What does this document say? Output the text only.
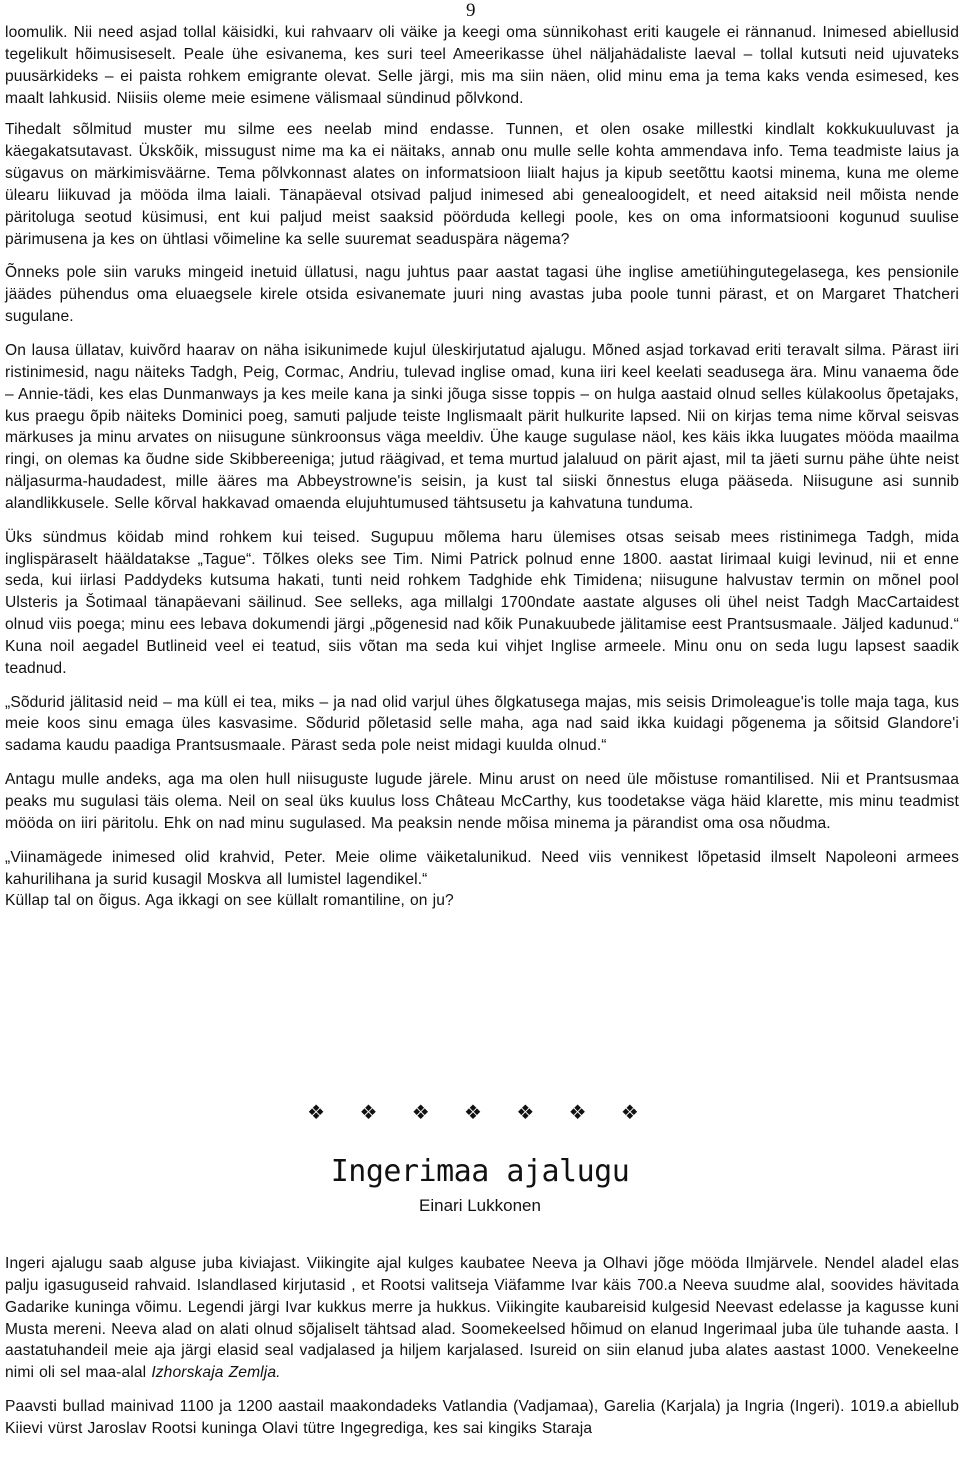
9

loomulik. Nii need asjad tollal käisidki, kui rahvaarv oli väike ja keegi oma sünnikohast eriti kaugele ei rännanud. Inimesed abiellusid tegelikult hõimusiseselt. Peale ühe esivanema, kes suri teel Ameerikasse ühel näljahädaliste laeval – tollal kutsuti neid ujuvateks puusärkideks – ei paista rohkem emigrante olevat. Selle järgi, mis ma siin näen, olid minu ema ja tema kaks venda esimesed, kes maalt lahkusid. Niisiis oleme meie esimene välismaal sündinud põlvkond.

Tihedalt sõlmitud muster mu silme ees neelab mind endasse. Tunnen, et olen osake millestki kindlalt kokkukuuluvast ja käegakatsutavast. Ükskõik, missugust nime ma ka ei näitaks, annab onu mulle selle kohta ammendava info. Tema teadmiste laius ja sügavus on märkimisväärne. Tema põlvkonnast alates on informatsioon liialt hajus ja kipub seetõttu kaotsi minema, kuna me oleme ülearu liikuvad ja mööda ilma laiali. Tänapäeval otsivad paljud inimesed abi genealoogidelt, et need aitaksid neil mõista nende päritoluga seotud küsimusi, ent kui paljud meist saaksid pöörduda kellegi poole, kes on oma informatsiooni kogunud suulise pärimusena ja kes on ühtlasi võimeline ka selle suuremat seaduspära nägema?

Õnneks pole siin varuks mingeid inetuid üllatusi, nagu juhtus paar aastat tagasi ühe inglise ametiühingutegelasega, kes pensionile jäädes pühendus oma eluaegsele kirele otsida esivanemate juuri ning avastas juba poole tunni pärast, et on Margaret Thatcheri sugulane.

On lausa üllatav, kuivõrd haarav on näha isikunimede kujul üleskirjutatud ajalugu. Mõned asjad torkavad eriti teravalt silma. Pärast iiri ristinimesid, nagu näiteks Tadgh, Peig, Cormac, Andriu, tulevad inglise omad, kuna iiri keel keelati seadusega ära. Minu vanaema õde – Annie-tädi, kes elas Dunmanways ja kes meile kana ja sinki jõuga sisse toppis – on hulga aastaid olnud selles külakoolus õpetajaks, kus praegu õpib näiteks Dominici poeg, samuti paljude teiste Inglismaalt pärit hulkurite lapsed. Nii on kirjas tema nime kõrval seisvas märkuses ja minu arvates on niisugune sünkroonsus väga meeldiv. Ühe kauge sugulase näol, kes käis ikka luugates mööda maailma ringi, on olemas ka õudne side Skibbereeniga; jutud räägivad, et tema murtud jalaluud on pärit ajast, mil ta jäeti surnu pähe ühte neist näljasurma-haudadest, mille ääres ma Abbeystrowne'is seisin, ja kust tal siiski õnnestus eluga pääseda. Niisugune asi sunnib alandlikkusele. Selle kõrval hakkavad omaenda elujuhtumused tähtsusetu ja kahvatuna tunduma.

Üks sündmus köidab mind rohkem kui teised. Sugupuu mõlema haru ülemises otsas seisab mees ristinimega Tadgh, mida inglispäraselt hääldatakse „Tague“. Tõlkes oleks see Tim. Nimi Patrick polnud enne 1800. aastat Iirimaal kuigi levinud, nii et enne seda, kui iirlasi Paddydeks kutsuma hakati, tunti neid rohkem Tadghide ehk Timidena; niisugune halvustav termin on mõnel pool Ulsteris ja Šotimaal tänapäevani säilinud. See selleks, aga millalgi 1700ndate aastate alguses oli ühel neist Tadgh MacCartaidest olnud viis poega; minu ees lebava dokumendi järgi „põgenesid nad kõik Punakuubede jälitamise eest Prantsusmaale. Jäljed kadunud.“ Kuna noil aegadel Butlineid veel ei teatud, siis võtan ma seda kui vihjet Inglise armeele. Minu onu on seda lugu lapsest saadik teadnud.

„Sõdurid jälitasid neid – ma küll ei tea, miks – ja nad olid varjul ühes õlgkatusega majas, mis seisis Drimoleague'is tolle maja taga, kus meie koos sinu emaga üles kasvasime. Sõdurid põletasid selle maha, aga nad said ikka kuidagi põgenema ja sõitsid Glandore'i sadama kaudu paadiga Prantsusmaale. Pärast seda pole neist midagi kuulda olnud.“

Antagu mulle andeks, aga ma olen hull niisuguste lugude järele. Minu arust on need üle mõistuse romantilised. Nii et Prantsusmaa peaks mu sugulasi täis olema. Neil on seal üks kuulus loss Château McCarthy, kus toodetakse väga häid klarette, mis minu teadmist mööda on iiri päritolu. Ehk on nad minu sugulased. Ma peaksin nende mõisa minema ja pärandist oma osa nõudma.

„Viinamägede inimesed olid krahvid, Peter. Meie olime väiketalunikud. Need viis vennikest lõpetasid ilmselt Napoleoni armees kahurilihana ja surid kusagil Moskva all lumistel lagendikel.“

Küllap tal on õigus. Aga ikkagi on see küllalt romantiline, on ju?

❖ ❖ ❖ ❖ ❖ ❖ ❖
Ingerimaa ajalugu
Einari Lukkonen

Ingeri ajalugu saab alguse juba kiviajast. Viikingite ajal kulges kaubatee Neeva ja Olhavi jõge mööda Ilmjärvele. Nendel aladel elas palju igasuguseid rahvaid. Islandlased kirjutasid , et Rootsi valitseja Viäfamme Ivar käis 700.a Neeva suudme alal, soovides hävitada Gadarike kuninga võimu. Legendi järgi Ivar kukkus merre ja hukkus. Viikingite kaubareisid kulgesid Neevast edelasse ja kagusse kuni Musta mereni. Neeva alad on alati olnud sõjaliselt tähtsad alad. Soomekeelsed hõimud on elanud Ingerimaal juba üle tuhande aasta. I aastatuhandeil meie aja järgi elasid seal vadjalased ja hiljem karjalased. Isureid on siin elanud juba alates aastast 1000. Venekeelne nimi oli sel maa-alal Izhorskaja Zemlja.

Paavsti bullad mainivad 1100 ja 1200 aastail maakondadeks Vatlandia (Vadjamaa), Garelia (Karjala) ja Ingria (Ingeri). 1019.a abiellub Kiievi vürst Jaroslav Rootsi kuninga Olavi tütre Ingegrediga, kes sai kingiks Staraja
